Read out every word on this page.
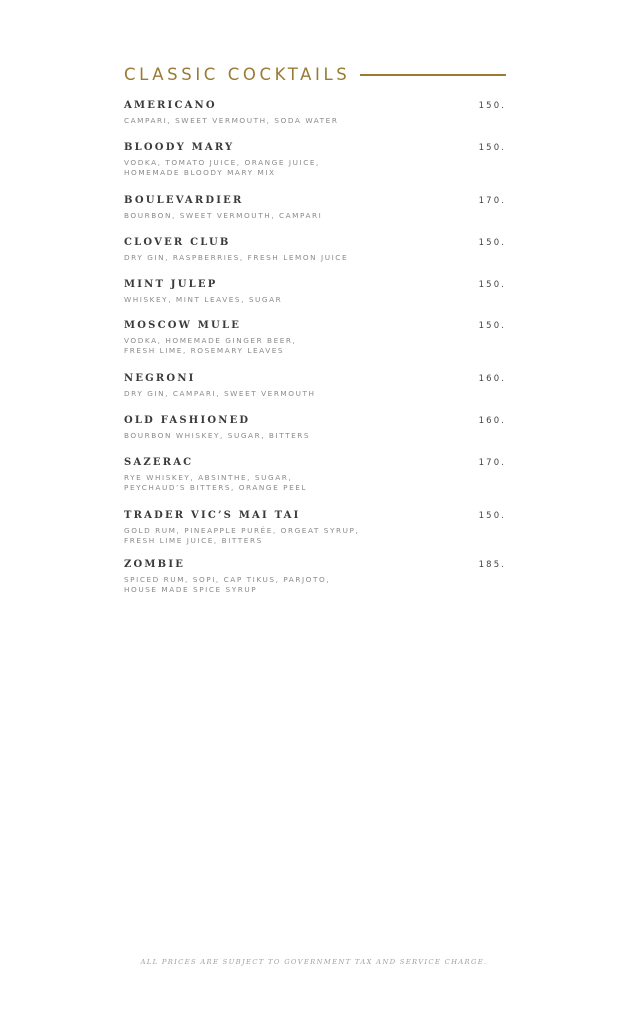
CLASSIC COCKTAILS
AMERICANO	150.
CAMPARI, SWEET VERMOUTH, SODA WATER
BLOODY MARY	150.
VODKA, TOMATO JUICE, ORANGE JUICE,
HOMEMADE BLOODY MARY MIX
BOULEVARDIER	170.
BOURBON, SWEET VERMOUTH, CAMPARI
CLOVER CLUB	150.
DRY GIN, RASPBERRIES, FRESH LEMON JUICE
MINT JULEP	150.
WHISKEY, MINT LEAVES, SUGAR
MOSCOW MULE	150.
VODKA, HOMEMADE GINGER BEER,
FRESH LIME, ROSEMARY LEAVES
NEGRONI	160.
DRY GIN, CAMPARI, SWEET VERMOUTH
OLD FASHIONED	160.
BOURBON WHISKEY, SUGAR, BITTERS
SAZERAC	170.
RYE WHISKEY, ABSINTHE, SUGAR,
PEYCHAUD’S BITTERS, ORANGE PEEL
TRADER VIC’S MAI TAI	150.
GOLD RUM, PINEAPPLE PURÉE, ORGEAT SYRUP,
FRESH LIME JUICE, BITTERS
ZOMBIE	185.
SPICED RUM, SOPI, CAP TIKUS, PARJOTO,
HOUSE MADE SPICE SYRUP
ALL PRICES ARE SUBJECT TO GOVERNMENT TAX AND SERVICE CHARGE.
